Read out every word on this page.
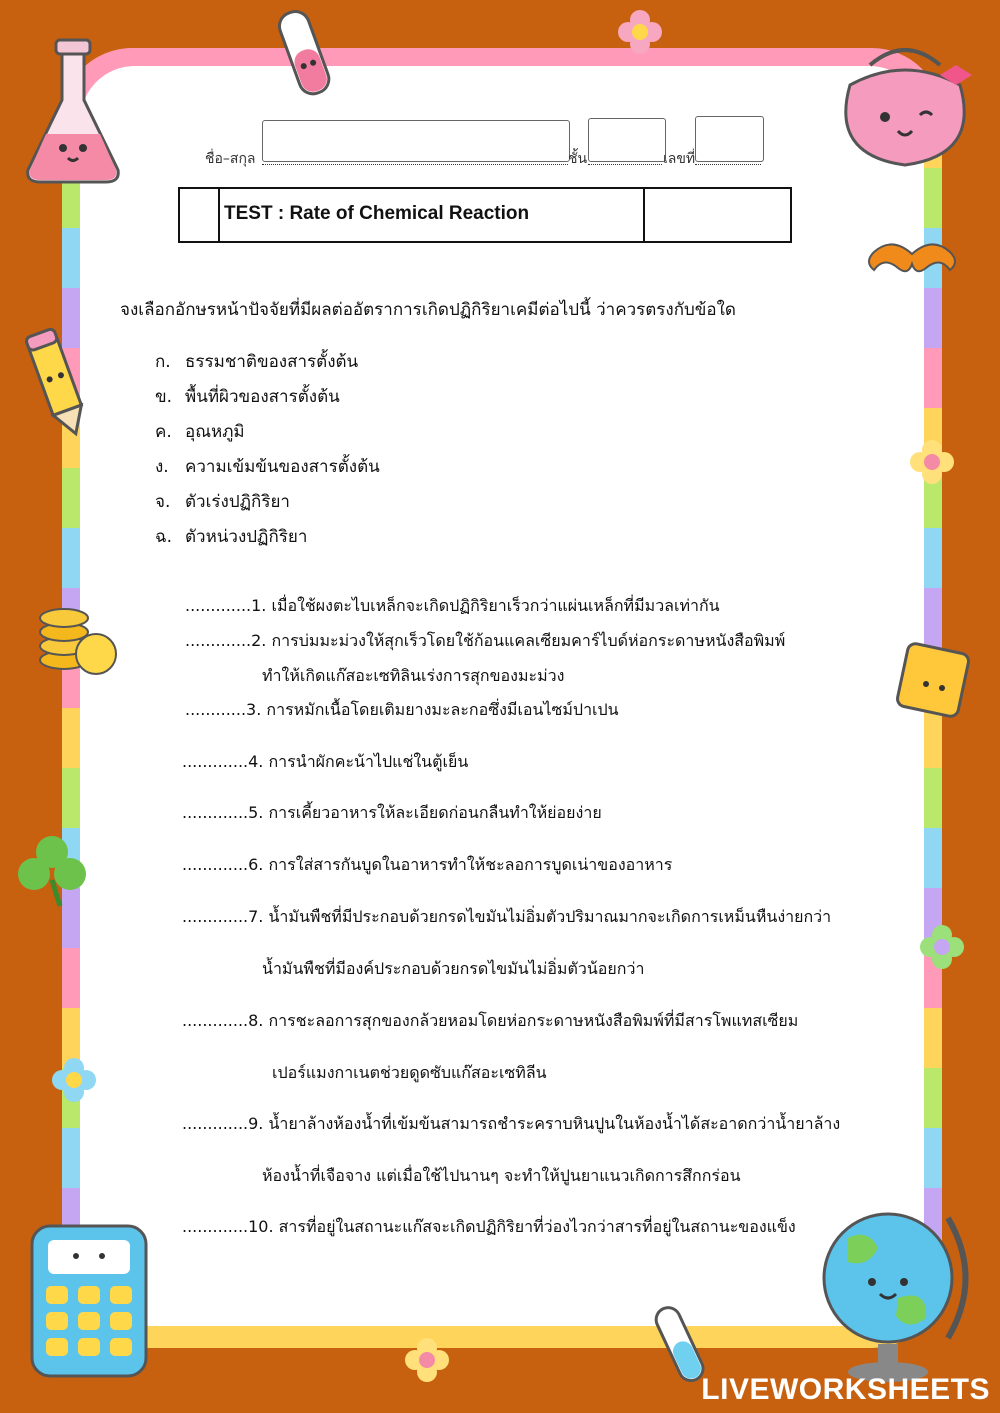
ชื่อ–สกุล	ชั้น	เลขที่
TEST : Rate of Chemical Reaction
จงเลือกอักษรหน้าปัจจัยที่มีผลต่ออัตราการเกิดปฏิกิริยาเคมีต่อไปนี้ ว่าควรตรงกับข้อใด
ก. ธรรมชาติของสารตั้งต้น
ข. พื้นที่ผิวของสารตั้งต้น
ค. อุณหภูมิ
ง. ความเข้มข้นของสารตั้งต้น
จ. ตัวเร่งปฏิกิริยา
ฉ. ตัวหน่วงปฏิกิริยา
.............1. เมื่อใช้ผงตะไบเหล็กจะเกิดปฏิกิริยาเร็วกว่าแผ่นเหล็กที่มีมวลเท่ากัน
.............2. การบ่มมะม่วงให้สุกเร็วโดยใช้ก้อนแคลเซียมคาร์ไบด์ห่อกระดาษหนังสือพิมพ์
ทำให้เกิดแก๊สอะเซทิลินเร่งการสุกของมะม่วง
............3. การหมักเนื้อโดยเติมยางมะละกอซึ่งมีเอนไซม์ปาเปน
.............4. การนำผักคะน้าไปแช่ในตู้เย็น
.............5. การเคี้ยวอาหารให้ละเอียดก่อนกลืนทำให้ย่อยง่าย
.............6. การใส่สารกันบูดในอาหารทำให้ชะลอการบูดเน่าของอาหาร
.............7. น้ำมันพืชที่มีประกอบด้วยกรดไขมันไม่อิ่มตัวปริมาณมากจะเกิดการเหม็นหืนง่ายกว่า
น้ำมันพืชที่มีองค์ประกอบด้วยกรดไขมันไม่อิ่มตัวน้อยกว่า
.............8. การชะลอการสุกของกล้วยหอมโดยห่อกระดาษหนังสือพิมพ์ที่มีสารโพแทสเซียม
เปอร์แมงกาเนตช่วยดูดซับแก๊สอะเซทิลีน
.............9. น้ำยาล้างห้องน้ำที่เข้มข้นสามารถชำระคราบหินปูนในห้องน้ำได้สะอาดกว่าน้ำยาล้าง
ห้องน้ำที่เจือจาง แต่เมื่อใช้ไปนานๆ จะทำให้ปูนยาแนวเกิดการสึกกร่อน
.............10. สารที่อยู่ในสถานะแก๊สจะเกิดปฏิกิริยาที่ว่องไวกว่าสารที่อยู่ในสถานะของแข็ง
LIVEWORKSHEETS
